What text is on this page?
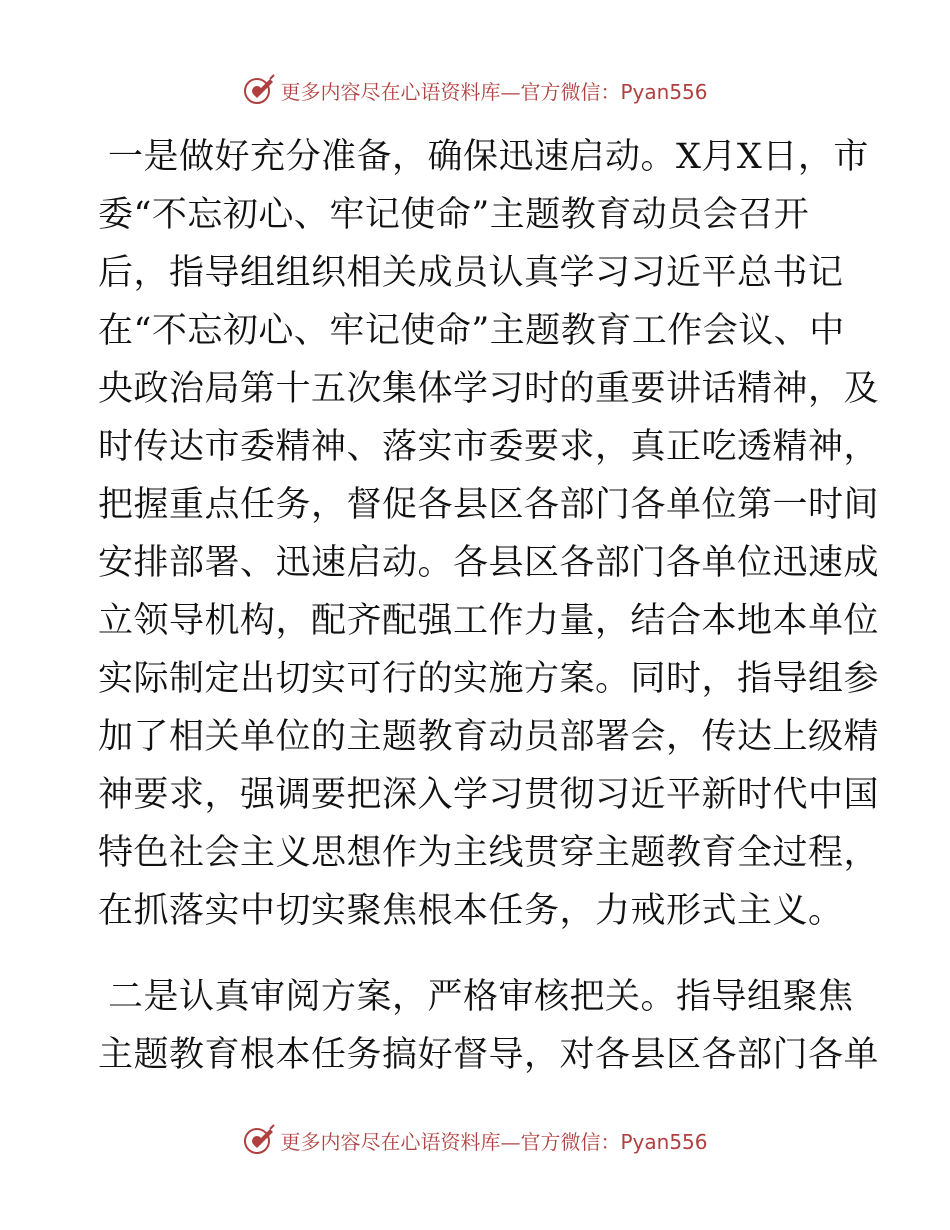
更多内容尽在心语资料库—官方微信：Pyan556
一是做好充分准备，确保迅速启动。X月X日，市
委“不忘初心、牢记使命”主题教育动员会召开
后，指导组组织相关成员认真学习习近平总书记
在“不忘初心、牢记使命”主题教育工作会议、中
央政治局第十五次集体学习时的重要讲话精神，及
时传达市委精神、落实市委要求，真正吃透精神，
把握重点任务，督促各县区各部门各单位第一时间
安排部署、迅速启动。各县区各部门各单位迅速成
立领导机构，配齐配强工作力量，结合本地本单位
实际制定出切实可行的实施方案。同时，指导组参
加了相关单位的主题教育动员部署会，传达上级精
神要求，强调要把深入学习贯彻习近平新时代中国
特色社会主义思想作为主线贯穿主题教育全过程，
在抓落实中切实聚焦根本任务，力戒形式主义。
二是认真审阅方案，严格审核把关。指导组聚焦
主题教育根本任务搞好督导，对各县区各部门各单
更多内容尽在心语资料库—官方微信：Pyan556
